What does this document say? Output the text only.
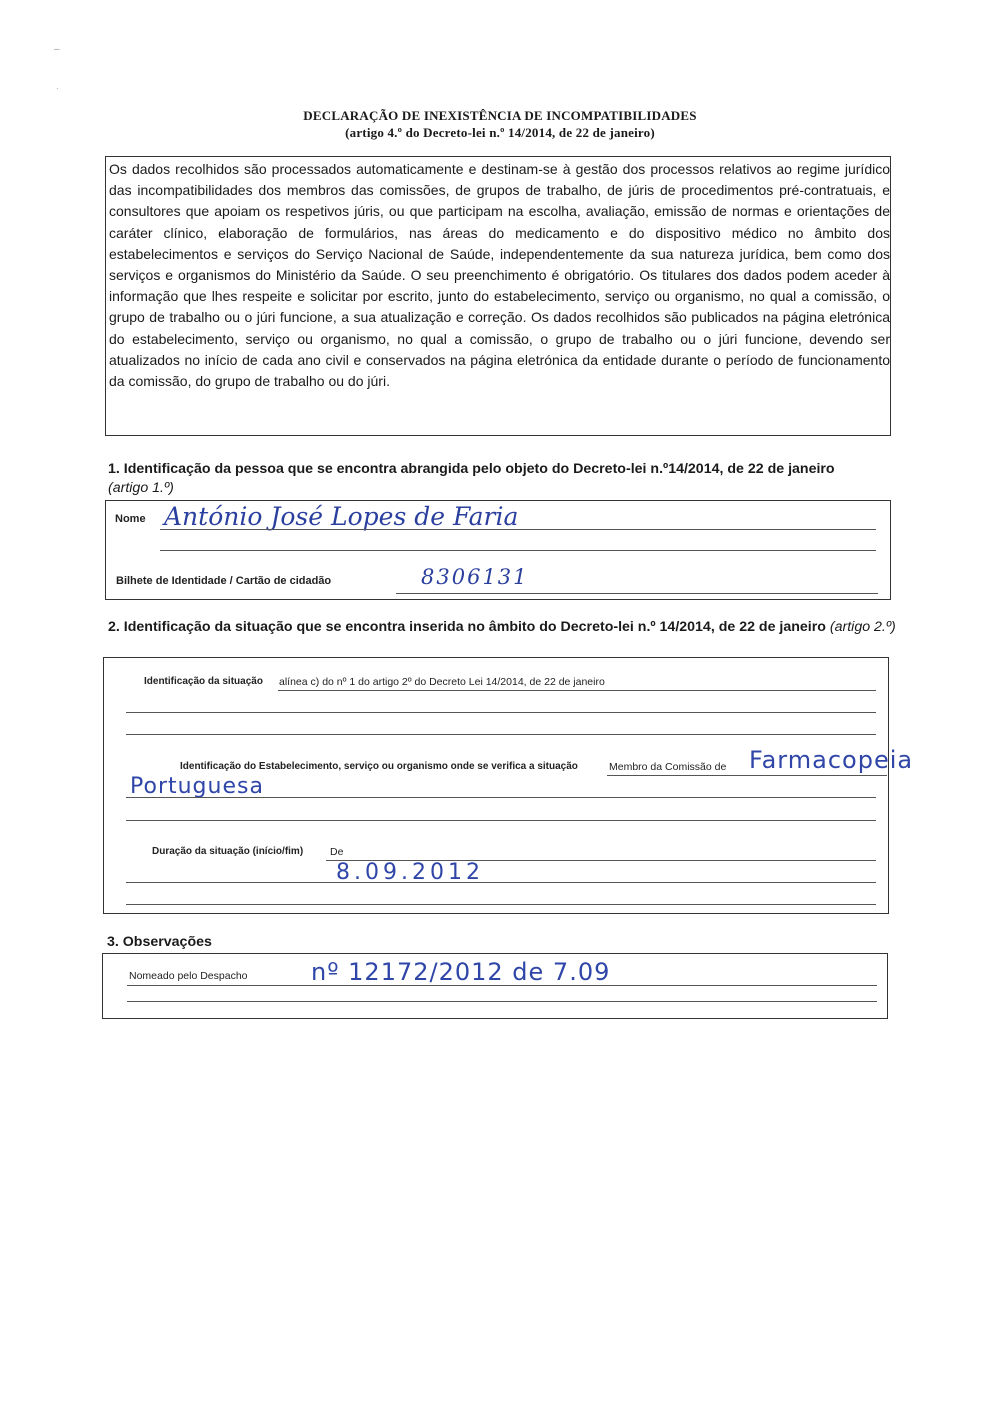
–
·
DECLARAÇÃO DE INEXISTÊNCIA DE INCOMPATIBILIDADES
(artigo 4.º do Decreto-lei n.º 14/2014, de 22 de janeiro)
Os dados recolhidos são processados automaticamente e destinam-se à gestão dos processos relativos ao regime jurídico das incompatibilidades dos membros das comissões, de grupos de trabalho, de júris de procedimentos pré-contratuais, e consultores que apoiam os respetivos júris, ou que participam na escolha, avaliação, emissão de normas e orientações de caráter clínico, elaboração de formulários, nas áreas do medicamento e do dispositivo médico no âmbito dos estabelecimentos e serviços do Serviço Nacional de Saúde, independentemente da sua natureza jurídica, bem como dos serviços e organismos do Ministério da Saúde. O seu preenchimento é obrigatório. Os titulares dos dados podem aceder à informação que lhes respeite e solicitar por escrito, junto do estabelecimento, serviço ou organismo, no qual a comissão, o grupo de trabalho ou o júri funcione, a sua atualização e correção. Os dados recolhidos são publicados na página eletrónica do estabelecimento, serviço ou organismo, no qual a comissão, o grupo de trabalho ou o júri funcione, devendo ser atualizados no início de cada ano civil e conservados na página eletrónica da entidade durante o período de funcionamento da comissão, do grupo de trabalho ou do júri.
1. Identificação da pessoa que se encontra abrangida pelo objeto do Decreto-lei n.º14/2014, de 22 de janeiro
(artigo 1.º)
Nome António José Lopes de Faria
Bilhete de Identidade / Cartão de cidadão	8306131
2. Identificação da situação que se encontra inserida no âmbito do Decreto-lei n.º 14/2014, de 22 de janeiro (artigo 2.º)
Identificação da situação alínea c) do nº 1 do artigo 2º do Decreto Lei 14/2014, de 22 de janeiro
Identificação do Estabelecimento, serviço ou organismo onde se verifica a situação	Membro da Comissão de Farmacopeia
Portuguesa
Duração da situação (início/fim)	De
8.09.2012
3. Observações
Nomeado pelo Despacho	nº 12172/2012 de 7.09
